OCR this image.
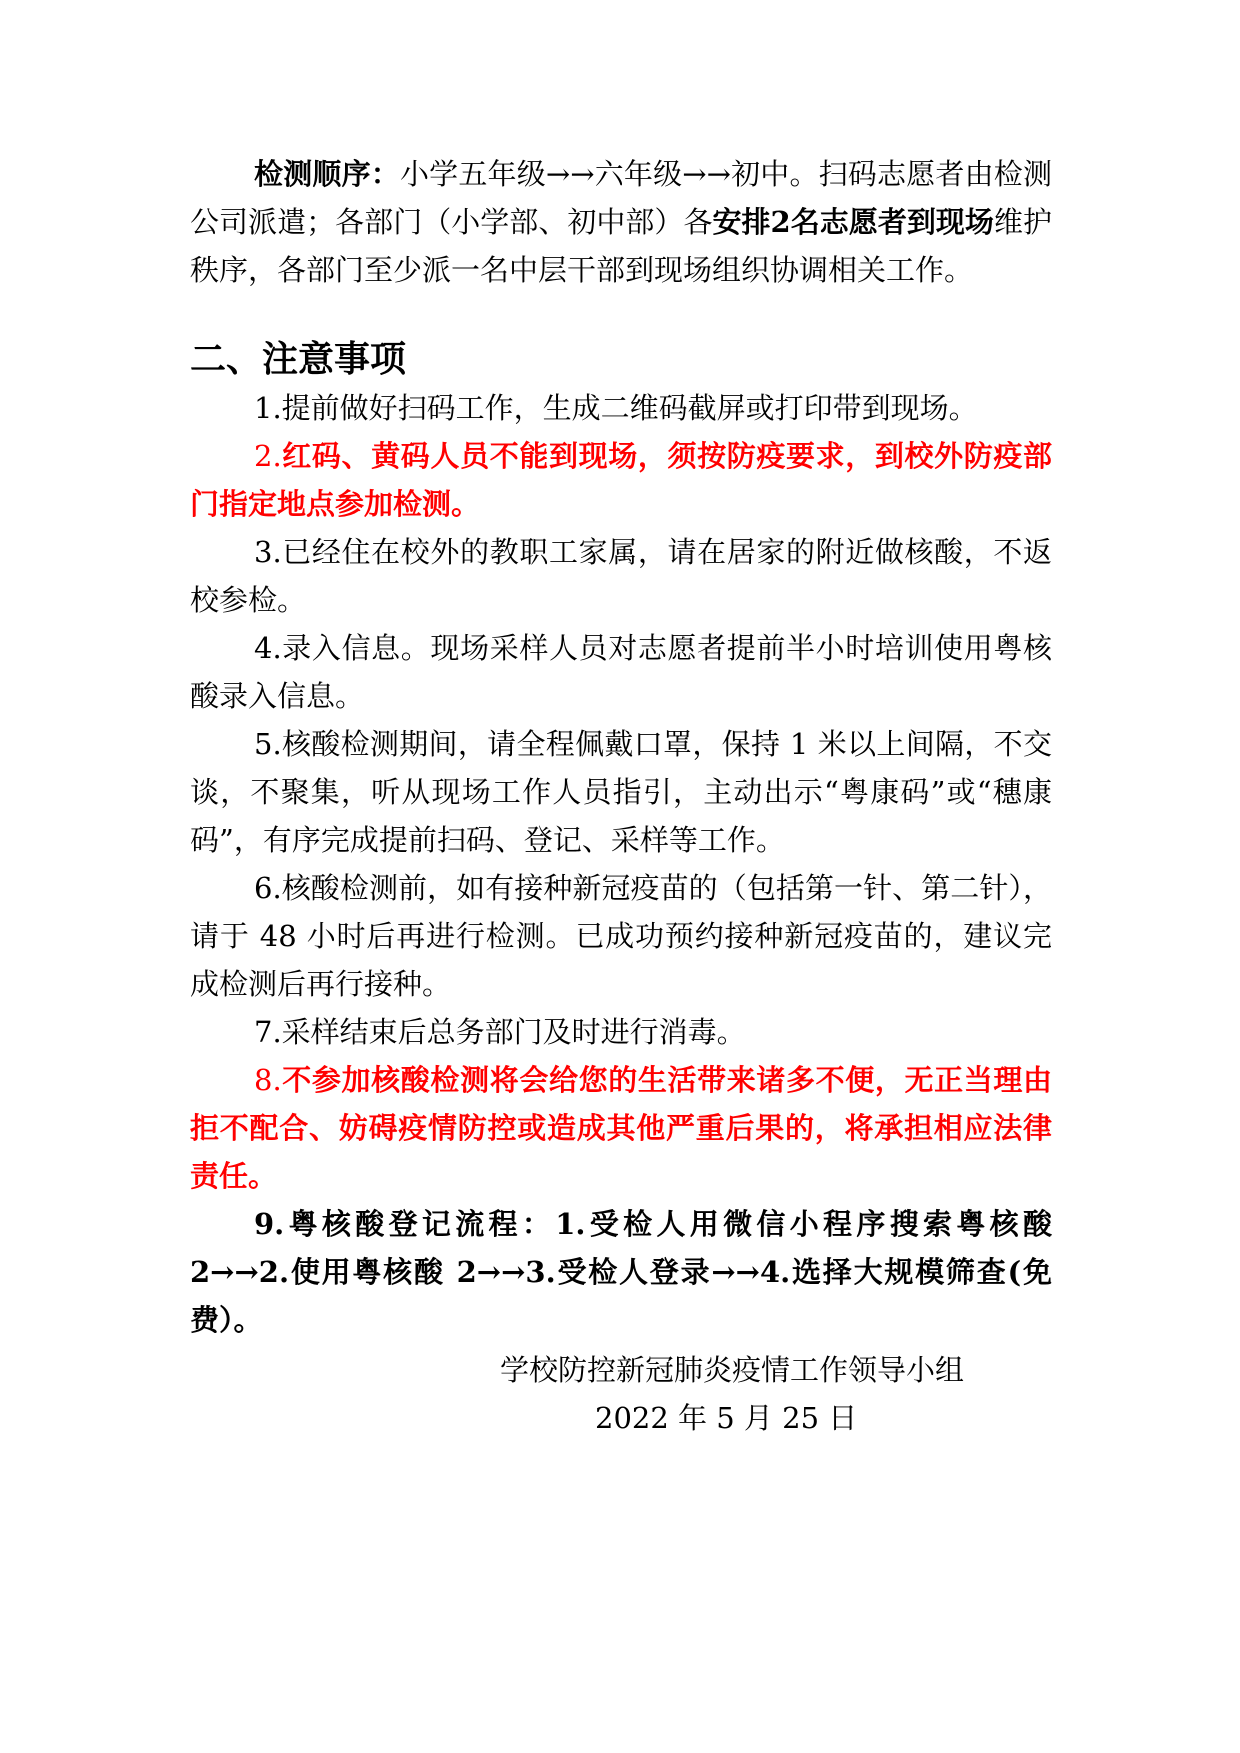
检测顺序：小学五年级→→六年级→→初中。扫码志愿者由检测公司派遣；各部门（小学部、初中部）各安排2名志愿者到现场维护秩序，各部门至少派一名中层干部到现场组织协调相关工作。

二、注意事项

1.提前做好扫码工作，生成二维码截屏或打印带到现场。

2.红码、黄码人员不能到现场，须按防疫要求，到校外防疫部门指定地点参加检测。

3.已经住在校外的教职工家属，请在居家的附近做核酸，不返校参检。

4.录入信息。现场采样人员对志愿者提前半小时培训使用粤核酸录入信息。

5.核酸检测期间，请全程佩戴口罩，保持 1 米以上间隔，不交谈，不聚集，听从现场工作人员指引，主动出示“粤康码”或“穗康码”，有序完成提前扫码、登记、采样等工作。

6.核酸检测前，如有接种新冠疫苗的（包括第一针、第二针），请于 48 小时后再进行检测。已成功预约接种新冠疫苗的，建议完成检测后再行接种。

7.采样结束后总务部门及时进行消毒。

8.不参加核酸检测将会给您的生活带来诸多不便，无正当理由拒不配合、妨碍疫情防控或造成其他严重后果的，将承担相应法律责任。

9.粤核酸登记流程：1.受检人用微信小程序搜索粤核酸 2→→2.使用粤核酸 2→→3.受检人登录→→4.选择大规模筛查(免费）。

学校防控新冠肺炎疫情工作领导小组

2022 年 5 月 25 日
